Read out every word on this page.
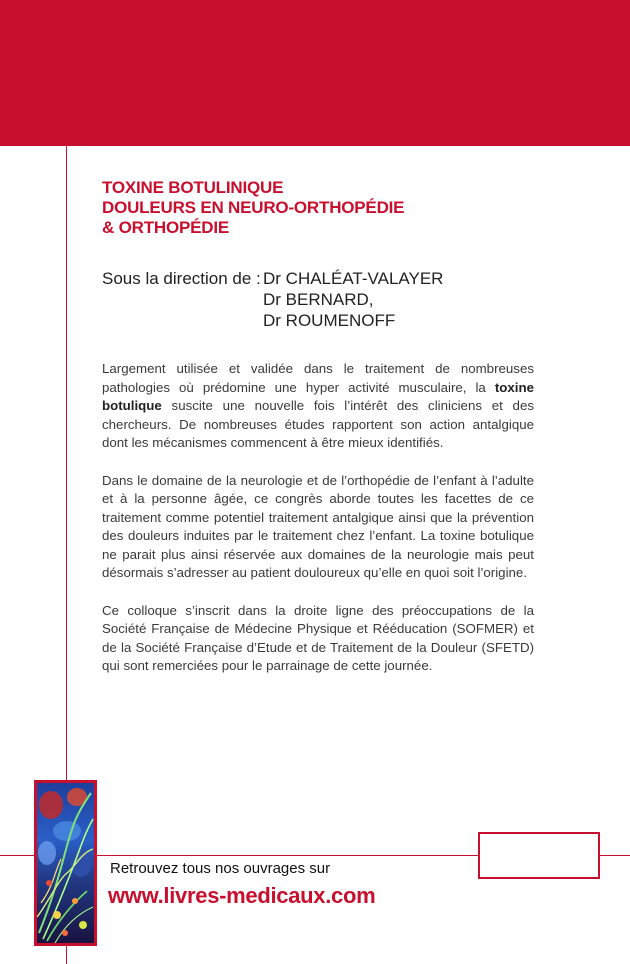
TOXINE BOTULINIQUE
DOULEURS EN NEURO-ORTHOPÉDIE
& ORTHOPÉDIE
Sous la direction de : Dr CHALÉAT-VALAYER
Dr BERNARD,
Dr ROUMENOFF

Largement utilisée et validée dans le traitement de nombreuses pathologies où prédomine une hyper activité musculaire, la toxine botulique suscite une nouvelle fois l’intérêt des cliniciens et des chercheurs. De nombreuses études rapportent son action antalgique dont les mécanismes commencent à être mieux identifiés.

Dans le domaine de la neurologie et de l’orthopédie de l’enfant à l’adulte et à la personne âgée, ce congrès aborde toutes les facettes de ce traitement comme potentiel traitement antalgique ainsi que la prévention des douleurs induites par le traitement chez l’enfant. La toxine botulique ne parait plus ainsi réservée aux domaines de la neurologie mais peut désormais s’adresser au patient douloureux qu’elle en quoi soit l’origine.

Ce colloque s’inscrit dans la droite ligne des préoccupations de la Société Française de Médecine Physique et Rééducation (SOFMER) et de la Société Française d’Etude et de Traitement de la Douleur (SFETD) qui sont remerciées pour le parrainage de cette journée.

Retrouvez tous nos ouvrages sur
www.livres-medicaux.com
